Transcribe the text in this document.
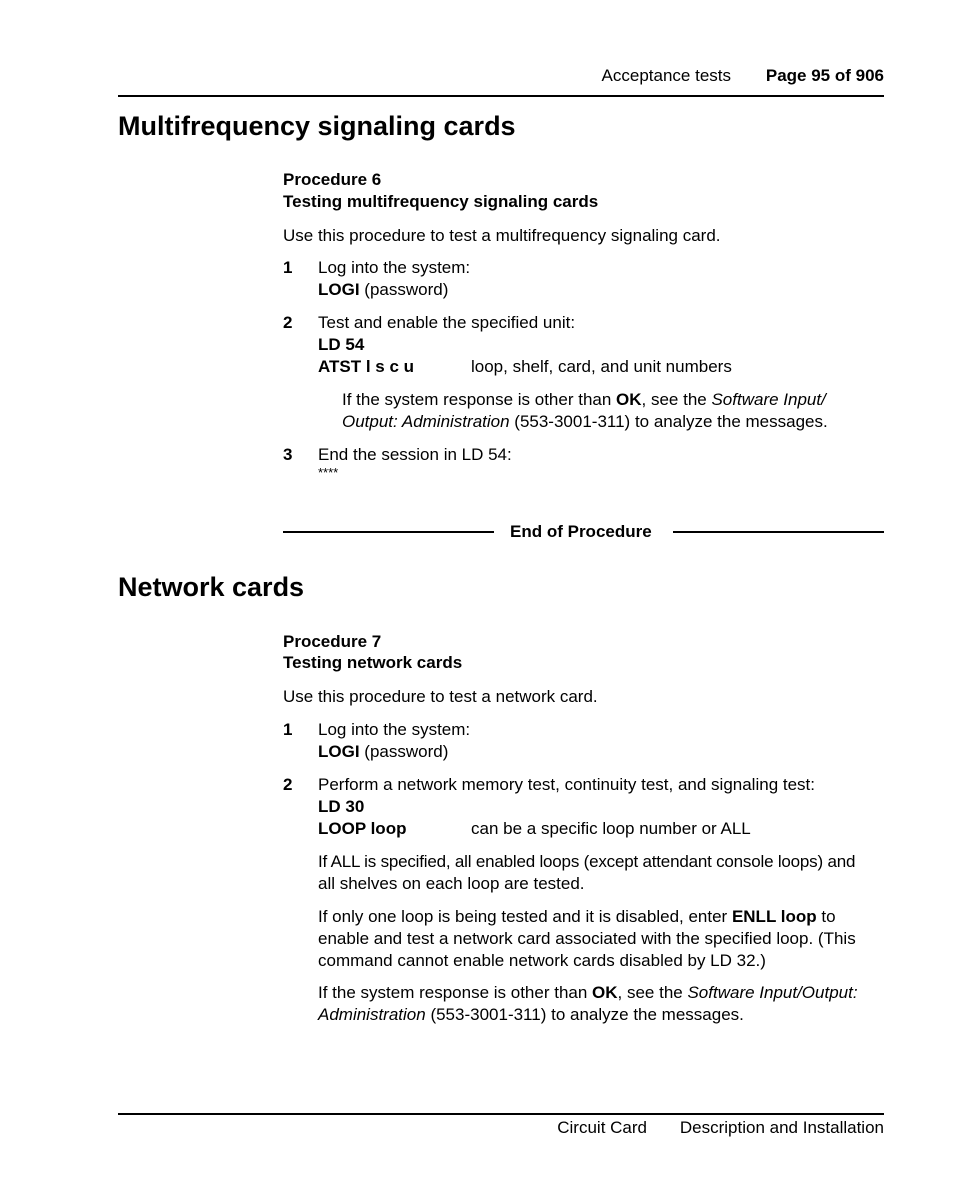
Acceptance tests Page 95 of 906
Multifrequency signaling cards
Procedure 6
Testing multifrequency signaling cards
Use this procedure to test a multifrequency signaling card.
1 Log into the system:
LOGI (password)
2 Test and enable the specified unit:
LD 54
ATST l s c u	loop, shelf, card, and unit numbers
If the system response is other than OK, see the Software Input/
Output: Administration (553-3001-311) to analyze the messages.
3 End the session in LD 54:
****
End of Procedure
Network cards
Procedure 7
Testing network cards
Use this procedure to test a network card.
1 Log into the system:
LOGI (password)
2 Perform a network memory test, continuity test, and signaling test:
LD 30
LOOP loop	can be a specific loop number or ALL
If ALL is specified, all enabled loops (except attendant console loops) and
all shelves on each loop are tested.
If only one loop is being tested and it is disabled, enter ENLL loop to
enable and test a network card associated with the specified loop. (This
command cannot enable network cards disabled by LD 32.)
If the system response is other than OK, see the Software Input/Output:
Administration (553-3001-311) to analyze the messages.
Circuit Card Description and Installation
